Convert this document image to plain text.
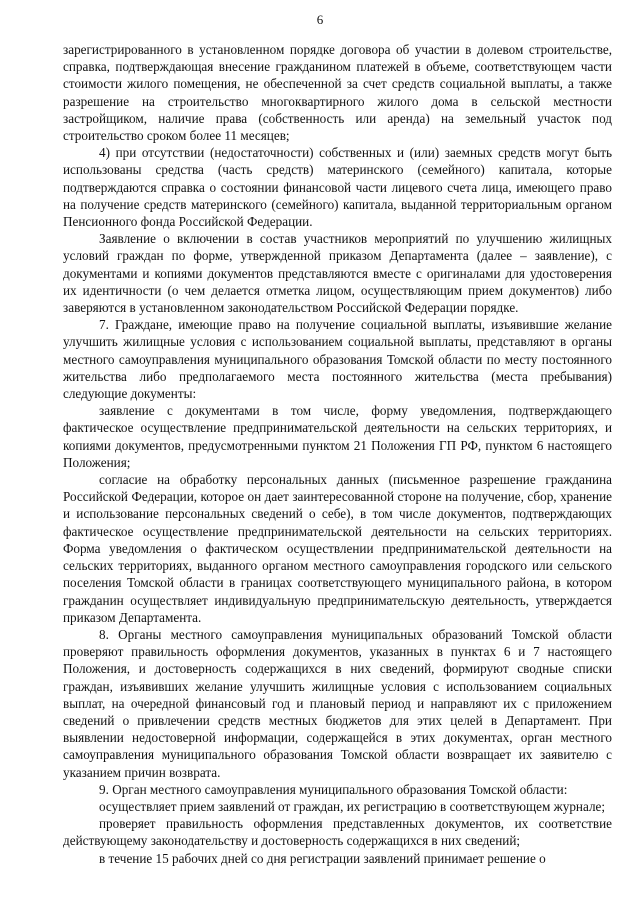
6

зарегистрированного в установленном порядке договора об участии в долевом строительстве, справка, подтверждающая внесение гражданином платежей в объеме, соответствующем части стоимости жилого помещения, не обеспеченной за счет средств социальной выплаты, а также разрешение на строительство многоквартирного жилого дома в сельской местности застройщиком, наличие права (собственность или аренда) на земельный участок под строительство сроком более 11 месяцев;

4) при отсутствии (недостаточности) собственных и (или) заемных средств могут быть использованы средства (часть средств) материнского (семейного) капитала, которые подтверждаются справка о состоянии финансовой части лицевого счета лица, имеющего право на получение средств материнского (семейного) капитала, выданной территориальным органом Пенсионного фонда Российской Федерации.

Заявление о включении в состав участников мероприятий по улучшению жилищных условий граждан по форме, утвержденной приказом Департамента (далее – заявление), с документами и копиями документов представляются вместе с оригиналами для удостоверения их идентичности (о чем делается отметка лицом, осуществляющим прием документов) либо заверяются в установленном законодательством Российской Федерации порядке.

7. Граждане, имеющие право на получение социальной выплаты, изъявившие желание улучшить жилищные условия с использованием социальной выплаты, представляют в органы местного самоуправления муниципального образования Томской области по месту постоянного жительства либо предполагаемого места постоянного жительства (места пребывания) следующие документы:

заявление с документами в том числе, форму уведомления, подтверждающего фактическое осуществление предпринимательской деятельности на сельских территориях, и копиями документов, предусмотренными пунктом 21 Положения ГП РФ, пунктом 6 настоящего Положения;

согласие на обработку персональных данных (письменное разрешение гражданина Российской Федерации, которое он дает заинтересованной стороне на получение, сбор, хранение и использование персональных сведений о себе), в том числе документов, подтверждающих фактическое осуществление предпринимательской деятельности на сельских территориях. Форма уведомления о фактическом осуществлении предпринимательской деятельности на сельских территориях, выданного органом местного самоуправления городского или сельского поселения Томской области в границах соответствующего муниципального района, в котором гражданин осуществляет индивидуальную предпринимательскую деятельность, утверждается приказом Департамента.

8. Органы местного самоуправления муниципальных образований Томской области проверяют правильность оформления документов, указанных в пунктах 6 и 7 настоящего Положения, и достоверность содержащихся в них сведений, формируют сводные списки граждан, изъявивших желание улучшить жилищные условия с использованием социальных выплат, на очередной финансовый год и плановый период и направляют их с приложением сведений о привлечении средств местных бюджетов для этих целей в Департамент. При выявлении недостоверной информации, содержащейся в этих документах, орган местного самоуправления муниципального образования Томской области возвращает их заявителю с указанием причин возврата.

9. Орган местного самоуправления муниципального образования Томской области:

осуществляет прием заявлений от граждан, их регистрацию в соответствующем журнале;

проверяет правильность оформления представленных документов, их соответствие действующему законодательству и достоверность содержащихся в них сведений;

в течение 15 рабочих дней со дня регистрации заявлений принимает решение о
